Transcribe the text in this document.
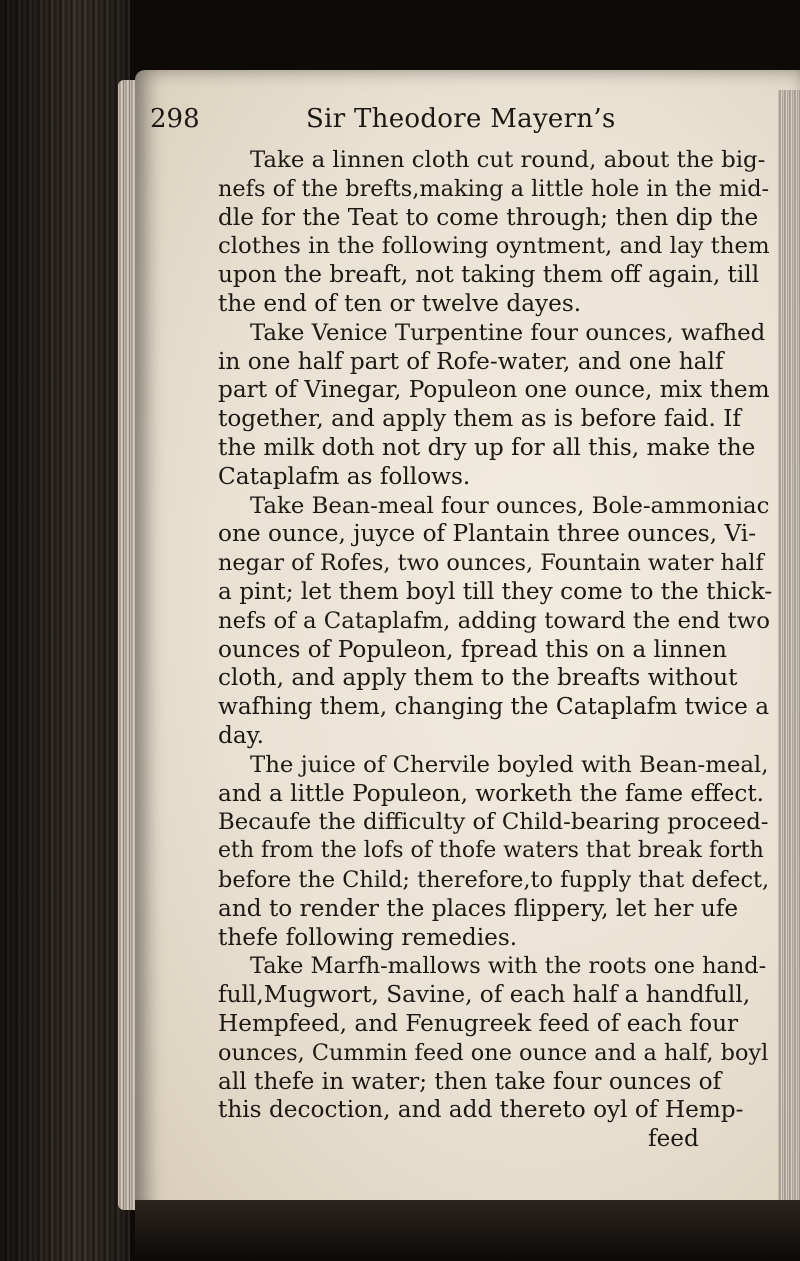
298	Sir Theodore Mayern’s
Take a linnen cloth cut round, about the big-
nefs of the brefts,making a little hole in the mid-
dle for the Teat to come through; then dip the
clothes in the following oyntment, and lay them
upon the breaft, not taking them off again, till
the end of ten or twelve dayes.
Take Venice Turpentine four ounces, wafhed
in one half part of Rofe-water, and one half
part of Vinegar, Populeon one ounce, mix them
together, and apply them as is before faid. If
the milk doth not dry up for all this, make the
Cataplafm as follows.
Take Bean-meal four ounces, Bole-ammoniac
one ounce, juyce of Plantain three ounces, Vi-
negar of Rofes, two ounces, Fountain water half
a pint; let them boyl till they come to the thick-
nefs of a Cataplafm, adding toward the end two
ounces of Populeon, fpread this on a linnen
cloth, and apply them to the breafts without
wafhing them, changing the Cataplafm twice a
day.
The juice of Chervile boyled with Bean-meal,
and a little Populeon, worketh the fame effect.
Becaufe the difficulty of Child-bearing proceed-
eth from the lofs of thofe waters that break forth
before the Child; therefore,to fupply that defect,
and to render the places flippery, let her ufe
thefe following remedies.
Take Marfh-mallows with the roots one hand-
full,Mugwort, Savine, of each half a handfull,
Hempfeed, and Fenugreek feed of each four
ounces, Cummin feed one ounce and a half, boyl
all thefe in water; then take four ounces of
this decoction, and add thereto oyl of Hemp-
feed
